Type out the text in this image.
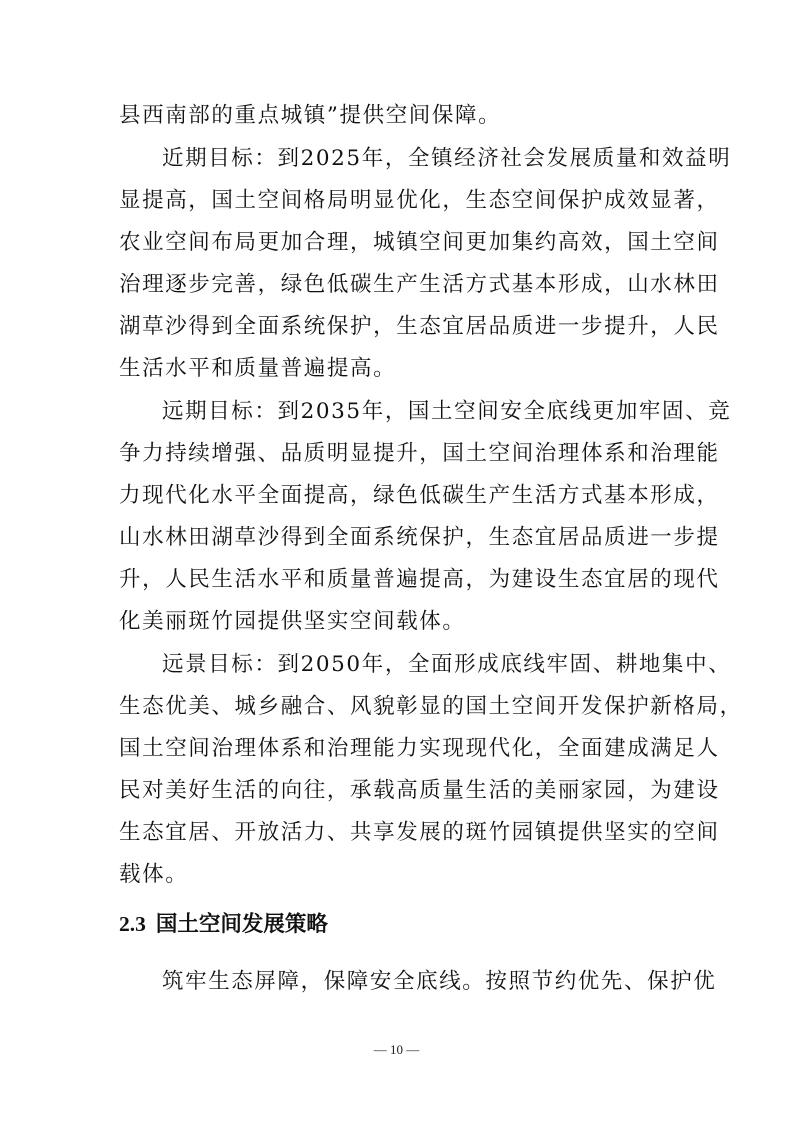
县西南部的重点城镇”提供空间保障。
近期目标：到2025年，全镇经济社会发展质量和效益明
显提高，国土空间格局明显优化，生态空间保护成效显著，
农业空间布局更加合理，城镇空间更加集约高效，国土空间
治理逐步完善，绿色低碳生产生活方式基本形成，山水林田
湖草沙得到全面系统保护，生态宜居品质进一步提升，人民
生活水平和质量普遍提高。
远期目标：到2035年，国土空间安全底线更加牢固、竞
争力持续增强、品质明显提升，国土空间治理体系和治理能
力现代化水平全面提高，绿色低碳生产生活方式基本形成，
山水林田湖草沙得到全面系统保护，生态宜居品质进一步提
升，人民生活水平和质量普遍提高，为建设生态宜居的现代
化美丽斑竹园提供坚实空间载体。
远景目标：到2050年，全面形成底线牢固、耕地集中、
生态优美、城乡融合、风貌彰显的国土空间开发保护新格局，
国土空间治理体系和治理能力实现现代化，全面建成满足人
民对美好生活的向往，承载高质量生活的美丽家园，为建设
生态宜居、开放活力、共享发展的斑竹园镇提供坚实的空间
载体。
2.3 国土空间发展策略
筑牢生态屏障，保障安全底线。按照节约优先、保护优
— 10 —
